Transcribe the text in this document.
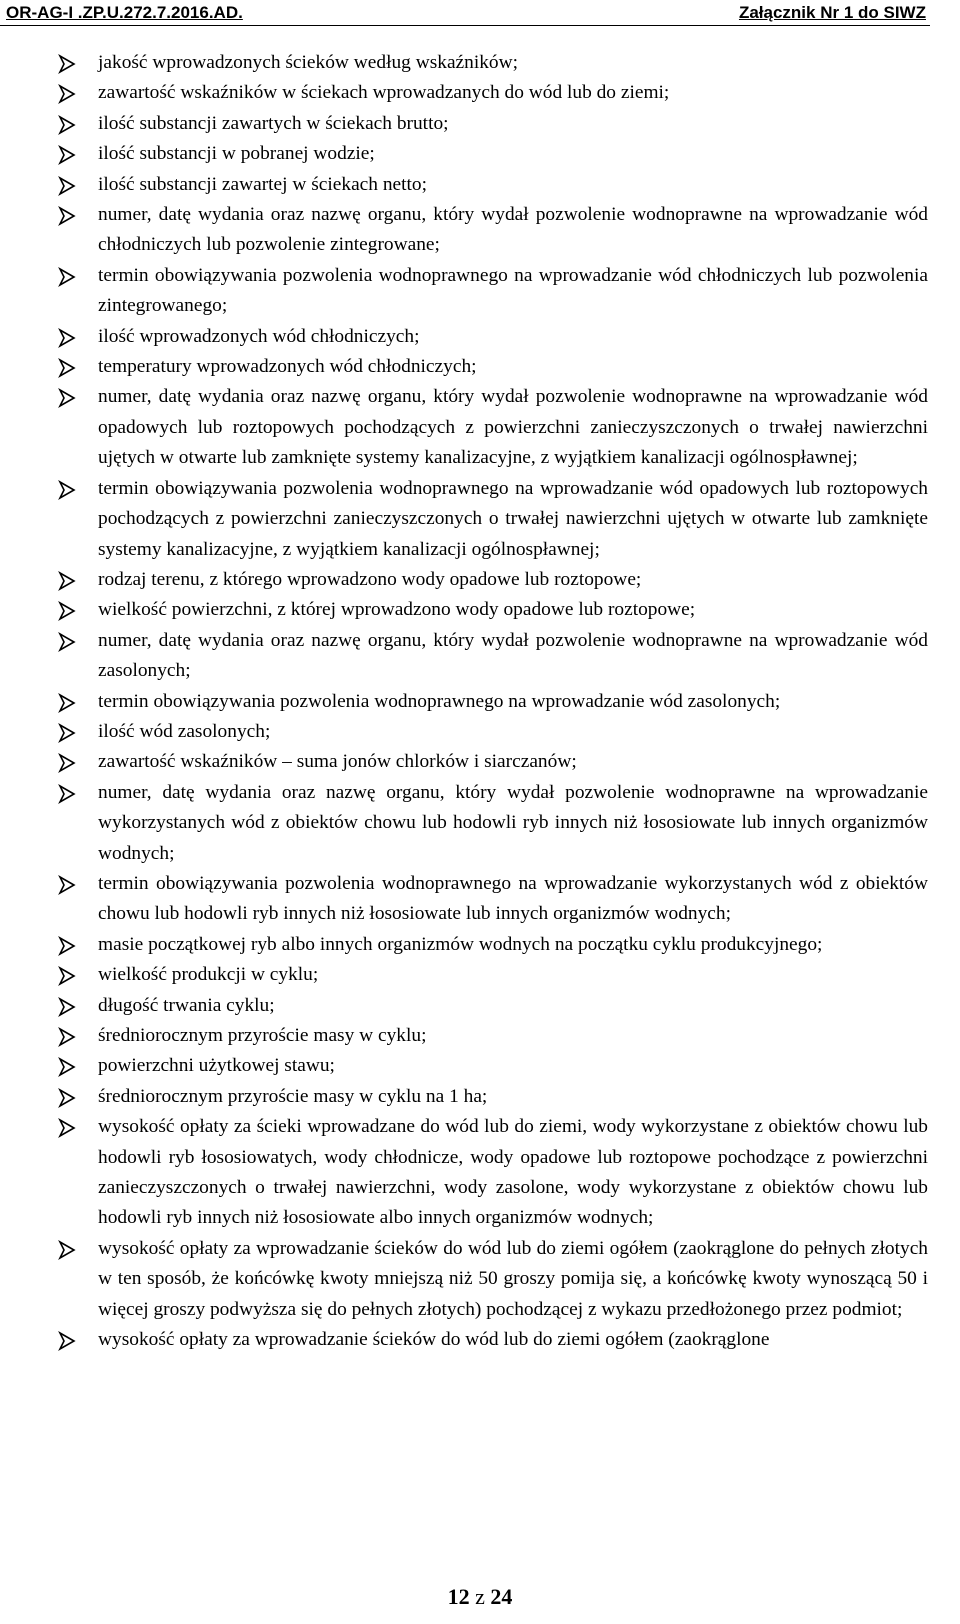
OR-AG-I .ZP.U.272.7.2016.AD.	Załącznik Nr 1 do SIWZ
jakość wprowadzonych ścieków według wskaźników;
zawartość wskaźników w ściekach wprowadzanych do wód lub do ziemi;
ilość substancji zawartych w ściekach brutto;
ilość substancji w pobranej wodzie;
ilość substancji zawartej w ściekach netto;
numer, datę wydania oraz nazwę organu, który wydał pozwolenie wodnoprawne na wprowadzanie wód chłodniczych lub pozwolenie zintegrowane;
termin obowiązywania pozwolenia wodnoprawnego na wprowadzanie wód chłodniczych lub pozwolenia zintegrowanego;
ilość wprowadzonych wód chłodniczych;
temperatury wprowadzonych wód chłodniczych;
numer, datę wydania oraz nazwę organu, który wydał pozwolenie wodnoprawne na wprowadzanie wód opadowych lub roztopowych pochodzących z powierzchni zanieczyszczonych o trwałej nawierzchni ujętych w otwarte lub zamknięte systemy kanalizacyjne, z wyjątkiem kanalizacji ogólnospławnej;
termin obowiązywania pozwolenia wodnoprawnego na wprowadzanie wód opadowych lub roztopowych pochodzących z powierzchni zanieczyszczonych o trwałej nawierzchni ujętych w otwarte lub zamknięte systemy kanalizacyjne, z wyjątkiem kanalizacji ogólnospławnej;
rodzaj terenu, z którego wprowadzono wody opadowe lub roztopowe;
wielkość powierzchni, z której wprowadzono wody opadowe lub roztopowe;
numer, datę wydania oraz nazwę organu, który wydał pozwolenie wodnoprawne na wprowadzanie wód zasolonych;
termin obowiązywania pozwolenia wodnoprawnego na wprowadzanie wód zasolonych;
ilość wód zasolonych;
zawartość wskaźników – suma jonów chlorków i siarczanów;
numer, datę wydania oraz nazwę organu, który wydał pozwolenie wodnoprawne na wprowadzanie wykorzystanych wód z obiektów chowu lub hodowli ryb innych niż łososiowate lub innych organizmów wodnych;
termin obowiązywania pozwolenia wodnoprawnego na wprowadzanie wykorzystanych wód z obiektów chowu lub hodowli ryb innych niż łososiowate lub innych organizmów wodnych;
masie początkowej ryb albo innych organizmów wodnych na początku cyklu produkcyjnego;
wielkość produkcji w cyklu;
długość trwania cyklu;
średniorocznym przyroście masy w cyklu;
powierzchni użytkowej stawu;
średniorocznym przyroście masy w cyklu na 1 ha;
wysokość opłaty za ścieki wprowadzane do wód lub do ziemi, wody wykorzystane z obiektów chowu lub hodowli ryb łososiowatych, wody chłodnicze, wody opadowe lub roztopowe pochodzące z powierzchni zanieczyszczonych o trwałej nawierzchni, wody zasolone, wody wykorzystane z obiektów chowu lub hodowli ryb innych niż łososiowate albo innych organizmów wodnych;
wysokość opłaty za wprowadzanie ścieków do wód lub do ziemi ogółem (zaokrąglone do pełnych złotych w ten sposób, że końcówkę kwoty mniejszą niż 50 groszy pomija się, a końcówkę kwoty wynoszącą 50 i więcej groszy podwyższa się do pełnych złotych) pochodzącej z wykazu przedłożonego przez podmiot;
wysokość opłaty za wprowadzanie ścieków do wód lub do ziemi ogółem (zaokrąglone
12 z 24
